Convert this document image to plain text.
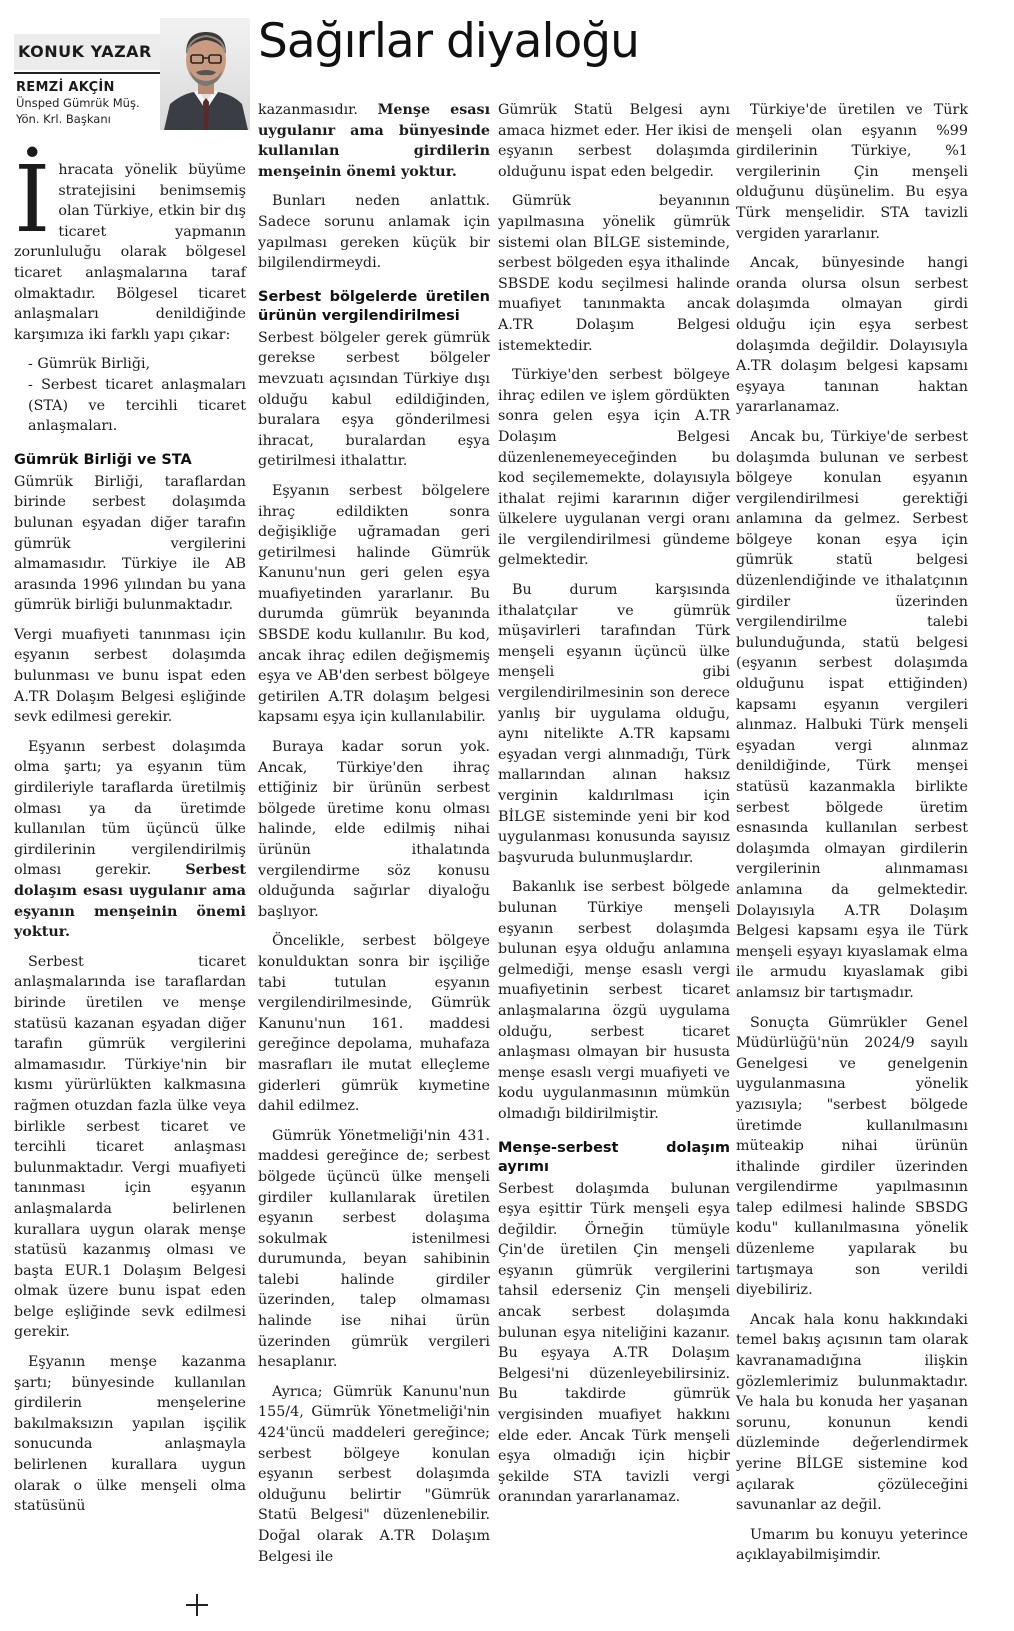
KONUK YAZAR
REMZİ AKÇİN
Ünsped Gümrük Müş.
Yön. Krl. Başkanı
Sağırlar diyaloğu

İhracata yönelik büyüme stratejisini benimsemiş olan Türkiye, etkin bir dış ticaret yapmanın zorunluluğu olarak bölgesel ticaret anlaşmalarına taraf olmaktadır. Bölgesel ticaret anlaşmaları denildiğinde karşımıza iki farklı yapı çıkar:

- Gümrük Birliği,

- Serbest ticaret anlaşmaları (STA) ve tercihli ticaret anlaşmaları.

Gümrük Birliği ve STA

Gümrük Birliği, taraflardan birinde serbest dolaşımda bulunan eşyadan diğer tarafın gümrük vergilerini almamasıdır. Türkiye ile AB arasında 1996 yılından bu yana gümrük birliği bulunmaktadır.

Vergi muafiyeti tanınması için eşyanın serbest dolaşımda bulunması ve bunu ispat eden A.TR Dolaşım Belgesi eşliğinde sevk edilmesi gerekir.

Eşyanın serbest dolaşımda olma şartı; ya eşyanın tüm girdileriyle taraflarda üretilmiş olması ya da üretimde kullanılan tüm üçüncü ülke girdilerinin vergilendirilmiş olması gerekir. Serbest dolaşım esası uygulanır ama eşyanın menşeinin önemi yoktur.

Serbest ticaret anlaşmalarında ise taraflardan birinde üretilen ve menşe statüsü kazanan eşyadan diğer tarafın gümrük vergilerini almamasıdır. Türkiye'nin bir kısmı yürürlükten kalkmasına rağmen otuzdan fazla ülke veya birlikle serbest ticaret ve tercihli ticaret anlaşması bulunmaktadır. Vergi muafiyeti tanınması için eşyanın anlaşmalarda belirlenen kurallara uygun olarak menşe statüsü kazanmış olması ve başta EUR.1 Dolaşım Belgesi olmak üzere bunu ispat eden belge eşliğinde sevk edilmesi gerekir.

Eşyanın menşe kazanma şartı; bünyesinde kullanılan girdilerin menşelerine bakılmaksızın yapılan işçilik sonucunda anlaşmayla belirlenen kurallara uygun olarak o ülke menşeli olma statüsünü

kazanmasıdır. Menşe esası uygulanır ama bünyesinde kullanılan girdilerin menşeinin önemi yoktur.

Bunları neden anlattık. Sadece sorunu anlamak için yapılması gereken küçük bir bilgilendirmeydi.

Serbest bölgelerde üretilen ürünün vergilendirilmesi

Serbest bölgeler gerek gümrük gerekse serbest bölgeler mevzuatı açısından Türkiye dışı olduğu kabul edildiğinden, buralara eşya gönderilmesi ihracat, buralardan eşya getirilmesi ithalattır.

Eşyanın serbest bölgelere ihraç edildikten sonra değişikliğe uğramadan geri getirilmesi halinde Gümrük Kanunu'nun geri gelen eşya muafiyetinden yararlanır. Bu durumda gümrük beyanında SBSDE kodu kullanılır. Bu kod, ancak ihraç edilen değişmemiş eşya ve AB'den serbest bölgeye getirilen A.TR dolaşım belgesi kapsamı eşya için kullanılabilir.

Buraya kadar sorun yok. Ancak, Türkiye'den ihraç ettiğiniz bir ürünün serbest bölgede üretime konu olması halinde, elde edilmiş nihai ürünün ithalatında vergilendirme söz konusu olduğunda sağırlar diyaloğu başlıyor.

Öncelikle, serbest bölgeye konulduktan sonra bir işçiliğe tabi tutulan eşyanın vergilendirilmesinde, Gümrük Kanunu'nun 161. maddesi gereğince depolama, muhafaza masrafları ile mutat elleçleme giderleri gümrük kıymetine dahil edilmez.

Gümrük Yönetmeliği'nin 431. maddesi gereğince de; serbest bölgede üçüncü ülke menşeli girdiler kullanılarak üretilen eşyanın serbest dolaşıma sokulmak istenilmesi durumunda, beyan sahibinin talebi halinde girdiler üzerinden, talep olmaması halinde ise nihai ürün üzerinden gümrük vergileri hesaplanır.

Ayrıca; Gümrük Kanunu'nun 155/4, Gümrük Yönetmeliği'nin 424'üncü maddeleri gereğince; serbest bölgeye konulan eşyanın serbest dolaşımda olduğunu belirtir "Gümrük Statü Belgesi" düzenlenebilir. Doğal olarak A.TR Dolaşım Belgesi ile

Gümrük Statü Belgesi aynı amaca hizmet eder. Her ikisi de eşyanın serbest dolaşımda olduğunu ispat eden belgedir.

Gümrük beyanının yapılmasına yönelik gümrük sistemi olan BİLGE sisteminde, serbest bölgeden eşya ithalinde SBSDE kodu seçilmesi halinde muafiyet tanınmakta ancak A.TR Dolaşım Belgesi istemektedir.

Türkiye'den serbest bölgeye ihraç edilen ve işlem gördükten sonra gelen eşya için A.TR Dolaşım Belgesi düzenlenemeyeceğinden bu kod seçilememekte, dolayısıyla ithalat rejimi kararının diğer ülkelere uygulanan vergi oranı ile vergilendirilmesi gündeme gelmektedir.

Bu durum karşısında ithalatçılar ve gümrük müşavirleri tarafından Türk menşeli eşyanın üçüncü ülke menşeli gibi vergilendirilmesinin son derece yanlış bir uygulama olduğu, aynı nitelikte A.TR kapsamı eşyadan vergi alınmadığı, Türk mallarından alınan haksız verginin kaldırılması için BİLGE sisteminde yeni bir kod uygulanması konusunda sayısız başvuruda bulunmuşlardır.

Bakanlık ise serbest bölgede bulunan Türkiye menşeli eşyanın serbest dolaşımda bulunan eşya olduğu anlamına gelmediği, menşe esaslı vergi muafiyetinin serbest ticaret anlaşmalarına özgü uygulama olduğu, serbest ticaret anlaşması olmayan bir hususta menşe esaslı vergi muafiyeti ve kodu uygulanmasının mümkün olmadığı bildirilmiştir.

Menşe-serbest dolaşım ayrımı

Serbest dolaşımda bulunan eşya eşittir Türk menşeli eşya değildir. Örneğin tümüyle Çin'de üretilen Çin menşeli eşyanın gümrük vergilerini tahsil ederseniz Çin menşeli ancak serbest dolaşımda bulunan eşya niteliğini kazanır. Bu eşyaya A.TR Dolaşım Belgesi'ni düzenleyebilirsiniz. Bu takdirde gümrük vergisinden muafiyet hakkını elde eder. Ancak Türk menşeli eşya olmadığı için hiçbir şekilde STA tavizli vergi oranından yararlanamaz.

Türkiye'de üretilen ve Türk menşeli olan eşyanın %99 girdilerinin Türkiye, %1 vergilerinin Çin menşeli olduğunu düşünelim. Bu eşya Türk menşelidir. STA tavizli vergiden yararlanır.

Ancak, bünyesinde hangi oranda olursa olsun serbest dolaşımda olmayan girdi olduğu için eşya serbest dolaşımda değildir. Dolayısıyla A.TR dolaşım belgesi kapsamı eşyaya tanınan haktan yararlanamaz.

Ancak bu, Türkiye'de serbest dolaşımda bulunan ve serbest bölgeye konulan eşyanın vergilendirilmesi gerektiği anlamına da gelmez. Serbest bölgeye konan eşya için gümrük statü belgesi düzenlendiğinde ve ithalatçının girdiler üzerinden vergilendirilme talebi bulunduğunda, statü belgesi (eşyanın serbest dolaşımda olduğunu ispat ettiğinden) kapsamı eşyanın vergileri alınmaz. Halbuki Türk menşeli eşyadan vergi alınmaz denildiğinde, Türk menşei statüsü kazanmakla birlikte serbest bölgede üretim esnasında kullanılan serbest dolaşımda olmayan girdilerin vergilerinin alınmaması anlamına da gelmektedir. Dolayısıyla A.TR Dolaşım Belgesi kapsamı eşya ile Türk menşeli eşyayı kıyaslamak elma ile armudu kıyaslamak gibi anlamsız bir tartışmadır.

Sonuçta Gümrükler Genel Müdürlüğü'nün 2024/9 sayılı Genelgesi ve genelgenin uygulanmasına yönelik yazısıyla; "serbest bölgede üretimde kullanılmasını müteakip nihai ürünün ithalinde girdiler üzerinden vergilendirme yapılmasının talep edilmesi halinde SBSDG kodu" kullanılmasına yönelik düzenleme yapılarak bu tartışmaya son verildi diyebiliriz.

Ancak hala konu hakkındaki temel bakış açısının tam olarak kavranamadığına ilişkin gözlemlerimiz bulunmaktadır. Ve hala bu konuda her yaşanan sorunu, konunun kendi düzleminde değerlendirmek yerine BİLGE sistemine kod açılarak çözüleceğini savunanlar az değil.

Umarım bu konuyu yeterince açıklayabilmişimdir.
